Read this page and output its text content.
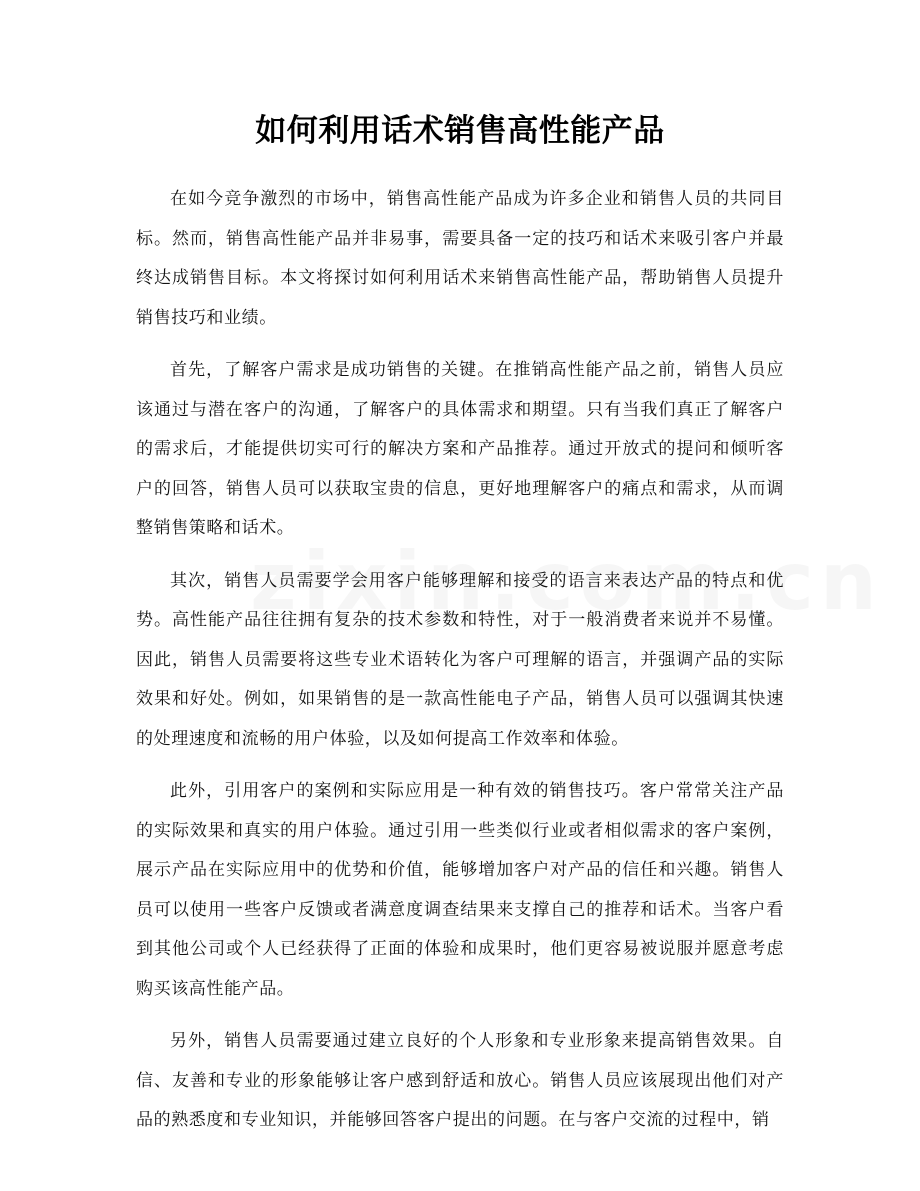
如何利用话术销售高性能产品

在如今竞争激烈的市场中，销售高性能产品成为许多企业和销售人员的共同目标。然而，销售高性能产品并非易事，需要具备一定的技巧和话术来吸引客户并最终达成销售目标。本文将探讨如何利用话术来销售高性能产品，帮助销售人员提升销售技巧和业绩。

首先，了解客户需求是成功销售的关键。在推销高性能产品之前，销售人员应该通过与潜在客户的沟通，了解客户的具体需求和期望。只有当我们真正了解客户的需求后，才能提供切实可行的解决方案和产品推荐。通过开放式的提问和倾听客户的回答，销售人员可以获取宝贵的信息，更好地理解客户的痛点和需求，从而调整销售策略和话术。

其次，销售人员需要学会用客户能够理解和接受的语言来表达产品的特点和优势。高性能产品往往拥有复杂的技术参数和特性，对于一般消费者来说并不易懂。因此，销售人员需要将这些专业术语转化为客户可理解的语言，并强调产品的实际效果和好处。例如，如果销售的是一款高性能电子产品，销售人员可以强调其快速的处理速度和流畅的用户体验，以及如何提高工作效率和体验。

此外，引用客户的案例和实际应用是一种有效的销售技巧。客户常常关注产品的实际效果和真实的用户体验。通过引用一些类似行业或者相似需求的客户案例，展示产品在实际应用中的优势和价值，能够增加客户对产品的信任和兴趣。销售人员可以使用一些客户反馈或者满意度调查结果来支撑自己的推荐和话术。当客户看到其他公司或个人已经获得了正面的体验和成果时，他们更容易被说服并愿意考虑购买该高性能产品。

另外，销售人员需要通过建立良好的个人形象和专业形象来提高销售效果。自信、友善和专业的形象能够让客户感到舒适和放心。销售人员应该展现出他们对产品的熟悉度和专业知识，并能够回答客户提出的问题。在与客户交流的过程中，销
